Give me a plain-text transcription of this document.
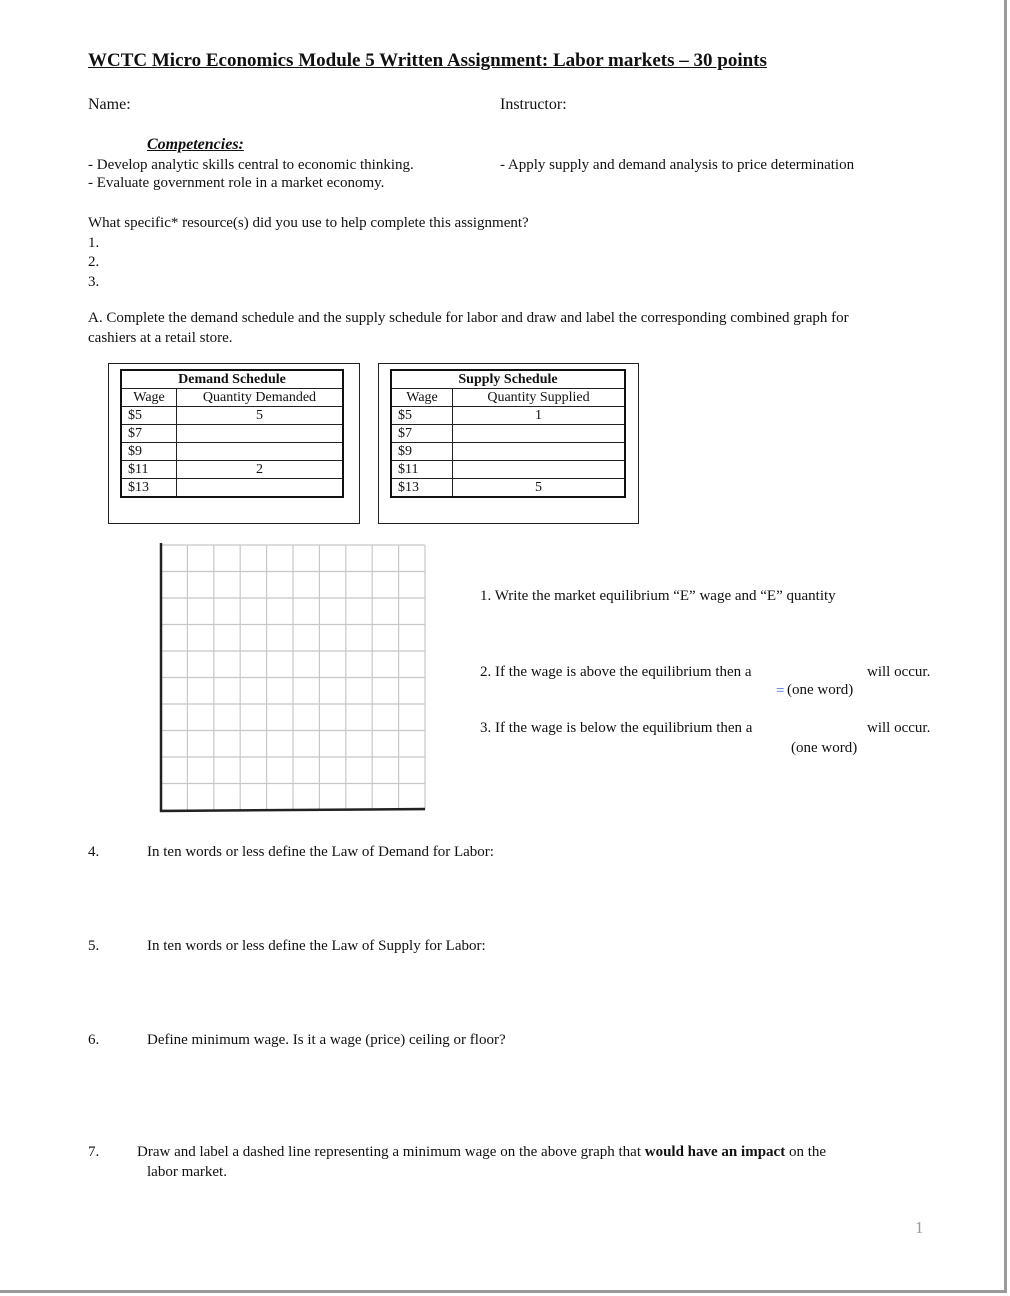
WCTC Micro Economics Module 5 Written Assignment: Labor markets – 30 points
Name:	Instructor:
Competencies:
- Develop analytic skills central to economic thinking.
- Evaluate government role in a market economy.
- Apply supply and demand analysis to price determination
What specific* resource(s) did you use to help complete this assignment?
1.
2.
3.
A. Complete the demand schedule and the supply schedule for labor and draw and label the corresponding combined graph for
cashiers at a retail store.
Demand Schedule	
Wage	Quantity Demanded
$5	5
$7	
$9	
$11	2
$13	
Supply Schedule	
Wage	Quantity Supplied
$5	1
$7	
$9	
$11	
$13	5
1. Write the market equilibrium “E” wage and “E” quantity
2. If the wage is above the equilibrium then a	will occur.
= (one word)
3. If the wage is below the equilibrium then a	will occur.
(one word)
4.	In ten words or less define the Law of Demand for Labor:
5.	In ten words or less define the Law of Supply for Labor:
6.	Define minimum wage. Is it a wage (price) ceiling or floor?
7.	Draw and label a dashed line representing a minimum wage on the above graph that would have an impact on the
labor market.
1
